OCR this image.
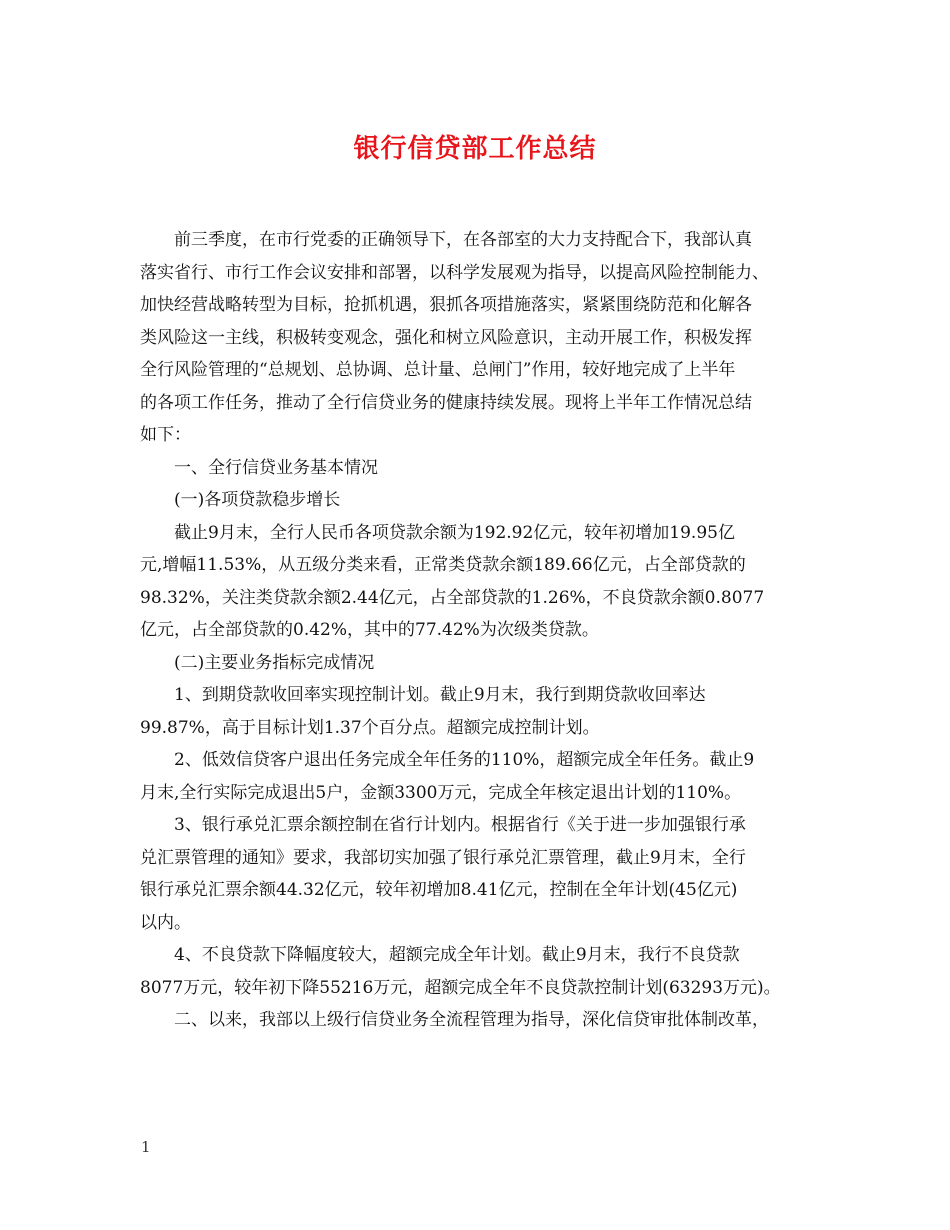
银行信贷部工作总结
　　前三季度，在市行党委的正确领导下，在各部室的大力支持配合下，我部认真
落实省行、市行工作会议安排和部署，以科学发展观为指导，以提高风险控制能力、
加快经营战略转型为目标，抢抓机遇，狠抓各项措施落实，紧紧围绕防范和化解各
类风险这一主线，积极转变观念，强化和树立风险意识，主动开展工作，积极发挥
全行风险管理的“总规划、总协调、总计量、总闸门”作用，较好地完成了上半年
的各项工作任务，推动了全行信贷业务的健康持续发展。现将上半年工作情况总结
如下：
　　一、全行信贷业务基本情况
　　(一)各项贷款稳步增长
　　截止9月末，全行人民币各项贷款余额为192.92亿元，较年初增加19.95亿
元,增幅11.53%，从五级分类来看，正常类贷款余额189.66亿元，占全部贷款的
98.32%，关注类贷款余额2.44亿元，占全部贷款的1.26%，不良贷款余额0.8077
亿元，占全部贷款的0.42%，其中的77.42%为次级类贷款。
　　(二)主要业务指标完成情况
　　1、到期贷款收回率实现控制计划。截止9月末，我行到期贷款收回率达
99.87%，高于目标计划1.37个百分点。超额完成控制计划。
　　2、低效信贷客户退出任务完成全年任务的110%，超额完成全年任务。截止9
月末,全行实际完成退出5户，金额3300万元，完成全年核定退出计划的110%。
　　3、银行承兑汇票余额控制在省行计划内。根据省行《关于进一步加强银行承
兑汇票管理的通知》要求，我部切实加强了银行承兑汇票管理，截止9月末，全行
银行承兑汇票余额44.32亿元，较年初增加8.41亿元，控制在全年计划(45亿元)
以内。
　　4、不良贷款下降幅度较大，超额完成全年计划。截止9月末，我行不良贷款
8077万元，较年初下降55216万元，超额完成全年不良贷款控制计划(63293万元)。
　　二、以来，我部以上级行信贷业务全流程管理为指导，深化信贷审批体制改革，
1
